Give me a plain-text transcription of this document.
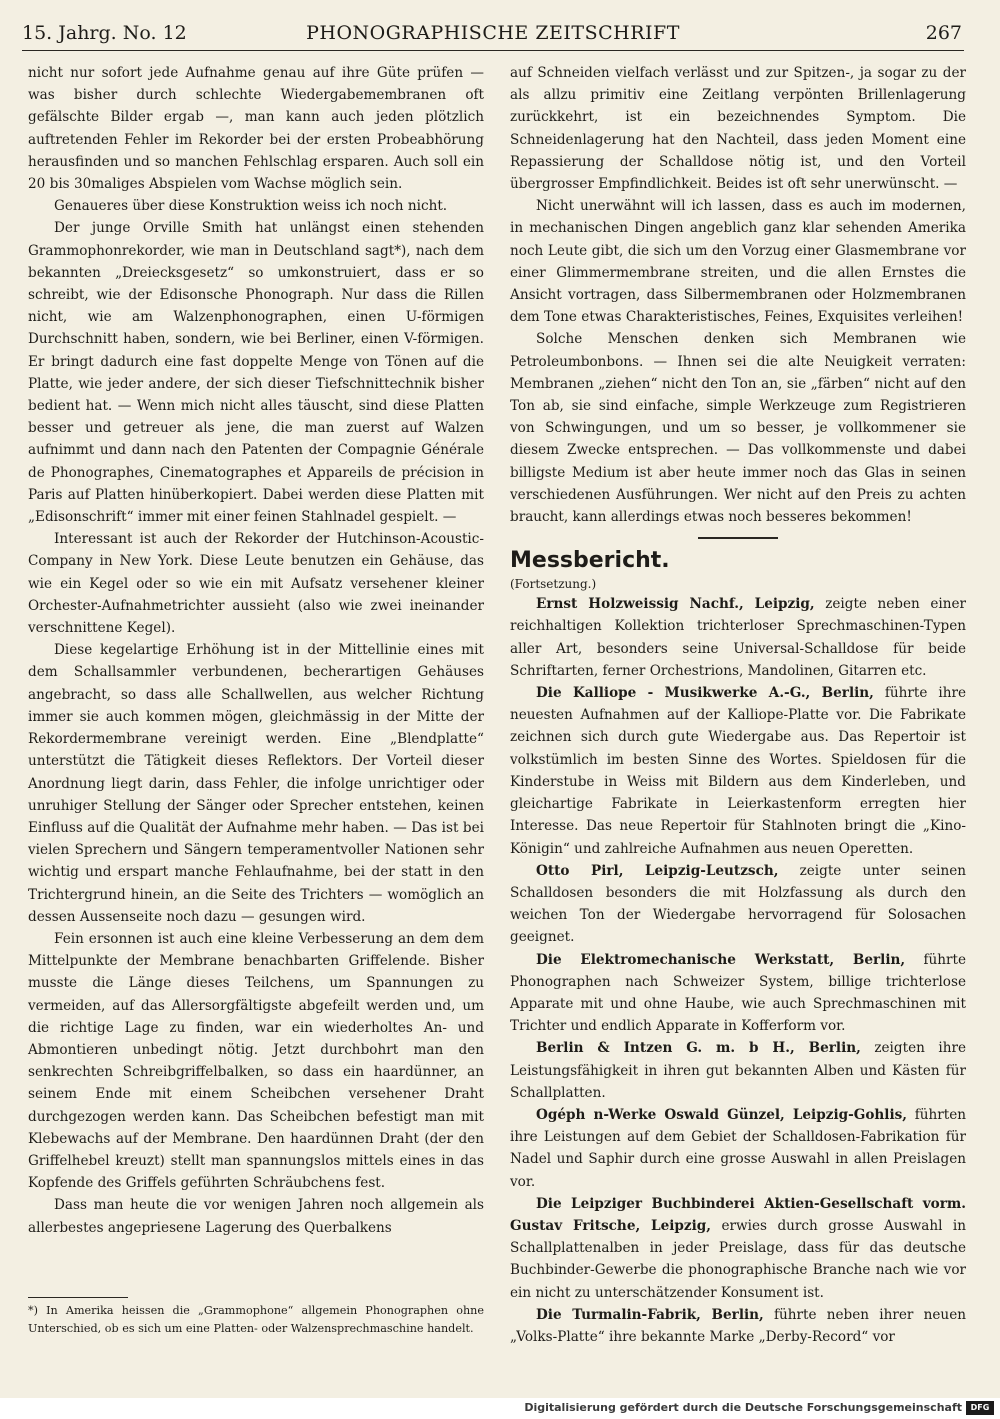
15. Jahrg. No. 12	PHONOGRAPHISCHE ZEITSCHRIFT	267

nicht nur sofort jede Aufnahme genau auf ihre Güte prüfen — was bisher durch schlechte Wiedergabemembranen oft gefälschte Bilder ergab —, man kann auch jeden plötzlich auftretenden Fehler im Rekorder bei der ersten Probeabhörung herausfinden und so manchen Fehlschlag ersparen. Auch soll ein 20 bis 30maliges Abspielen vom Wachse möglich sein.

Genaueres über diese Konstruktion weiss ich noch nicht.

Der junge Orville Smith hat unlängst einen stehenden Grammophonrekorder, wie man in Deutschland sagt*), nach dem bekannten „Dreiecksgesetz“ so umkonstruiert, dass er so schreibt, wie der Edisonsche Phonograph. Nur dass die Rillen nicht, wie am Walzenphonographen, einen U-förmigen Durchschnitt haben, sondern, wie bei Berliner, einen V-förmigen. Er bringt dadurch eine fast doppelte Menge von Tönen auf die Platte, wie jeder andere, der sich dieser Tiefschnittechnik bisher bedient hat. — Wenn mich nicht alles täuscht, sind diese Platten besser und getreuer als jene, die man zuerst auf Walzen aufnimmt und dann nach den Patenten der Compagnie Générale de Phonographes, Cinematographes et Appareils de précision in Paris auf Platten hinüberkopiert. Dabei werden diese Platten mit „Edisonschrift“ immer mit einer feinen Stahlnadel gespielt. —

Interessant ist auch der Rekorder der Hutchinson-Acoustic-Company in New York. Diese Leute benutzen ein Gehäuse, das wie ein Kegel oder so wie ein mit Aufsatz versehener kleiner Orchester-Aufnahmetrichter aussieht (also wie zwei ineinander verschnittene Kegel).

Diese kegelartige Erhöhung ist in der Mittellinie eines mit dem Schallsammler verbundenen, becherartigen Gehäuses angebracht, so dass alle Schallwellen, aus welcher Richtung immer sie auch kommen mögen, gleichmässig in der Mitte der Rekordermembrane vereinigt werden. Eine „Blendplatte“ unterstützt die Tätigkeit dieses Reflektors. Der Vorteil dieser Anordnung liegt darin, dass Fehler, die infolge unrichtiger oder unruhiger Stellung der Sänger oder Sprecher entstehen, keinen Einfluss auf die Qualität der Aufnahme mehr haben. — Das ist bei vielen Sprechern und Sängern temperamentvoller Nationen sehr wichtig und erspart manche Fehlaufnahme, bei der statt in den Trichtergrund hinein, an die Seite des Trichters — womöglich an dessen Aussenseite noch dazu — gesungen wird.

Fein ersonnen ist auch eine kleine Verbesserung an dem dem Mittelpunkte der Membrane benachbarten Griffelende. Bisher musste die Länge dieses Teilchens, um Spannungen zu vermeiden, auf das Allersorgfältigste abgefeilt werden und, um die richtige Lage zu finden, war ein wiederholtes An- und Abmontieren unbedingt nötig. Jetzt durchbohrt man den senkrechten Schreibgriffelbalken, so dass ein haardünner, an seinem Ende mit einem Scheibchen versehener Draht durchgezogen werden kann. Das Scheibchen befestigt man mit Klebewachs auf der Membrane. Den haardünnen Draht (der den Griffelhebel kreuzt) stellt man spannungslos mittels eines in das Kopfende des Griffels geführten Schräubchens fest.

Dass man heute die vor wenigen Jahren noch allgemein als allerbestes angepriesene Lagerung des Querbalkens

*) In Amerika heissen die „Grammophone“ allgemein Phonographen ohne Unterschied, ob es sich um eine Platten- oder Walzensprechmaschine handelt.

auf Schneiden vielfach verlässt und zur Spitzen-, ja sogar zu der als allzu primitiv eine Zeitlang verpönten Brillenlagerung zurückkehrt, ist ein bezeichnendes Symptom. Die Schneidenlagerung hat den Nachteil, dass jeden Moment eine Repassierung der Schalldose nötig ist, und den Vorteil übergrosser Empfindlichkeit. Beides ist oft sehr unerwünscht. —

Nicht unerwähnt will ich lassen, dass es auch im modernen, in mechanischen Dingen angeblich ganz klar sehenden Amerika noch Leute gibt, die sich um den Vorzug einer Glasmembrane vor einer Glimmermembrane streiten, und die allen Ernstes die Ansicht vortragen, dass Silbermembranen oder Holzmembranen dem Tone etwas Charakteristisches, Feines, Exquisites verleihen!

Solche Menschen denken sich Membranen wie Petroleumbonbons. — Ihnen sei die alte Neuigkeit verraten: Membranen „ziehen“ nicht den Ton an, sie „färben“ nicht auf den Ton ab, sie sind einfache, simple Werkzeuge zum Registrieren von Schwingungen, und um so besser, je vollkommener sie diesem Zwecke entsprechen. — Das vollkommenste und dabei billigste Medium ist aber heute immer noch das Glas in seinen verschiedenen Ausführungen. Wer nicht auf den Preis zu achten braucht, kann allerdings etwas noch besseres bekommen!

Messbericht.

(Fortsetzung.)

Ernst Holzweissig Nachf., Leipzig, zeigte neben einer reichhaltigen Kollektion trichterloser Sprechmaschinen-Typen aller Art, besonders seine Universal-Schalldose für beide Schriftarten, ferner Orchestrions, Mandolinen, Gitarren etc.

Die Kalliope - Musikwerke A.-G., Berlin, führte ihre neuesten Aufnahmen auf der Kalliope-Platte vor. Die Fabrikate zeichnen sich durch gute Wiedergabe aus. Das Repertoir ist volkstümlich im besten Sinne des Wortes. Spieldosen für die Kinderstube in Weiss mit Bildern aus dem Kinderleben, und gleichartige Fabrikate in Leierkastenform erregten hier Interesse. Das neue Repertoir für Stahlnoten bringt die „Kino-Königin“ und zahlreiche Aufnahmen aus neuen Operetten.

Otto Pirl, Leipzig-Leutzsch, zeigte unter seinen Schalldosen besonders die mit Holzfassung als durch den weichen Ton der Wiedergabe hervorragend für Solosachen geeignet.

Die Elektromechanische Werkstatt, Berlin, führte Phonographen nach Schweizer System, billige trichterlose Apparate mit und ohne Haube, wie auch Sprechmaschinen mit Trichter und endlich Apparate in Kofferform vor.

Berlin & Intzen G. m. b H., Berlin, zeigten ihre Leistungsfähigkeit in ihren gut bekannten Alben und Kästen für Schallplatten.

Ogéph n-Werke Oswald Günzel, Leipzig-Gohlis, führten ihre Leistungen auf dem Gebiet der Schalldosen-Fabrikation für Nadel und Saphir durch eine grosse Auswahl in allen Preislagen vor.

Die Leipziger Buchbinderei Aktien-Gesellschaft vorm. Gustav Fritsche, Leipzig, erwies durch grosse Auswahl in Schallplattenalben in jeder Preislage, dass für das deutsche Buchbinder-Gewerbe die phonographische Branche nach wie vor ein nicht zu unterschätzender Konsument ist.

Die Turmalin-Fabrik, Berlin, führte neben ihrer neuen „Volks-Platte“ ihre bekannte Marke „Derby-Record“ vor

Digitalisierung gefördert durch die Deutsche Forschungsgemeinschaft	DFG
